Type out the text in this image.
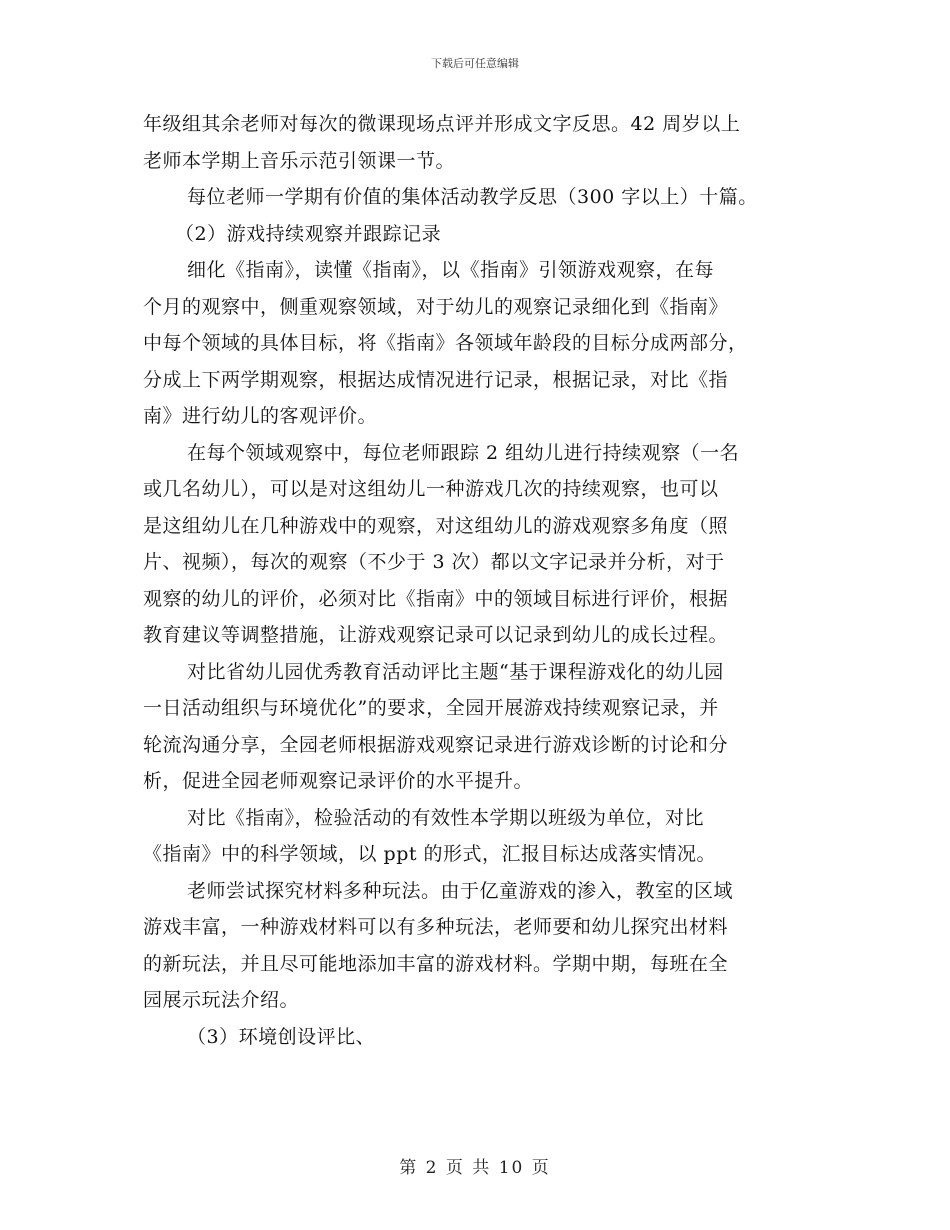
下载后可任意编辑
年级组其余老师对每次的微课现场点评并形成文字反思。42 周岁以上
老师本学期上音乐示范引领课一节。
每位老师一学期有价值的集体活动教学反思（300 字以上）十篇。
（2）游戏持续观察并跟踪记录
细化《指南》，读懂《指南》，以《指南》引领游戏观察，在每
个月的观察中，侧重观察领域，对于幼儿的观察记录细化到《指南》
中每个领域的具体目标，将《指南》各领域年龄段的目标分成两部分，
分成上下两学期观察，根据达成情况进行记录，根据记录，对比《指
南》进行幼儿的客观评价。
在每个领域观察中，每位老师跟踪 2 组幼儿进行持续观察（一名
或几名幼儿），可以是对这组幼儿一种游戏几次的持续观察，也可以
是这组幼儿在几种游戏中的观察，对这组幼儿的游戏观察多角度（照
片、视频），每次的观察（不少于 3 次）都以文字记录并分析，对于
观察的幼儿的评价，必须对比《指南》中的领域目标进行评价，根据
教育建议等调整措施，让游戏观察记录可以记录到幼儿的成长过程。
对比省幼儿园优秀教育活动评比主题“基于课程游戏化的幼儿园
一日活动组织与环境优化”的要求，全园开展游戏持续观察记录，并
轮流沟通分享，全园老师根据游戏观察记录进行游戏诊断的讨论和分
析，促进全园老师观察记录评价的水平提升。
对比《指南》，检验活动的有效性本学期以班级为单位，对比
《指南》中的科学领域，以 ppt 的形式，汇报目标达成落实情况。
老师尝试探究材料多种玩法。由于亿童游戏的渗入，教室的区域
游戏丰富，一种游戏材料可以有多种玩法，老师要和幼儿探究出材料
的新玩法，并且尽可能地添加丰富的游戏材料。学期中期，每班在全
园展示玩法介绍。
（3）环境创设评比、
第 2 页 共 10 页
